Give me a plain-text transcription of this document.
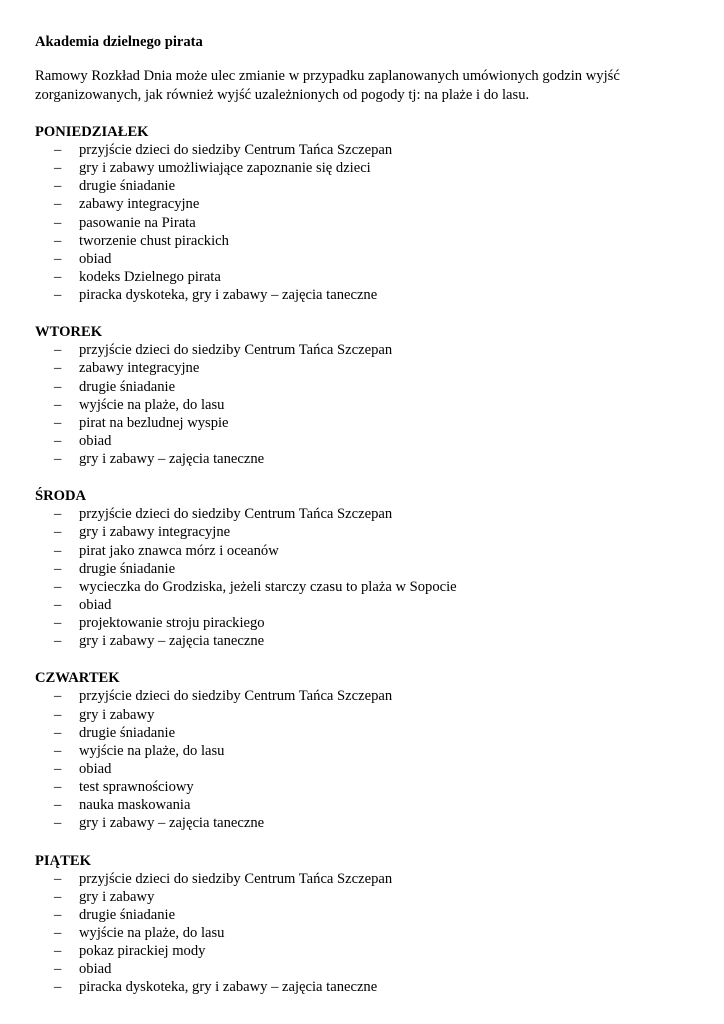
Akademia dzielnego pirata

Ramowy Rozkład Dnia może ulec zmianie w przypadku zaplanowanych umówionych godzin wyjść zorganizowanych, jak również wyjść uzależnionych od pogody tj: na plaże i do lasu.

PONIEDZIAŁEK

– przyjście dzieci do siedziby Centrum Tańca Szczepan
– gry i zabawy umożliwiające zapoznanie się dzieci
– drugie śniadanie
– zabawy integracyjne
– pasowanie na Pirata
– tworzenie chust pirackich
– obiad
– kodeks Dzielnego pirata
– piracka dyskoteka, gry i zabawy – zajęcia taneczne

WTOREK

– przyjście dzieci do siedziby Centrum Tańca Szczepan
– zabawy integracyjne
– drugie śniadanie
– wyjście na plaże, do lasu
– pirat na bezludnej wyspie
– obiad
– gry i zabawy – zajęcia taneczne

ŚRODA

– przyjście dzieci do siedziby Centrum Tańca Szczepan
– gry i zabawy integracyjne
– pirat jako znawca mórz i oceanów
– drugie śniadanie
– wycieczka do Grodziska, jeżeli starczy czasu to plaża w Sopocie
– obiad
– projektowanie stroju pirackiego
– gry i zabawy – zajęcia taneczne

CZWARTEK

– przyjście dzieci do siedziby Centrum Tańca Szczepan
– gry i zabawy
– drugie śniadanie
– wyjście na plaże, do lasu
– obiad
– test sprawnościowy
– nauka maskowania
– gry i zabawy – zajęcia taneczne

PIĄTEK

– przyjście dzieci do siedziby Centrum Tańca Szczepan
– gry i zabawy
– drugie śniadanie
– wyjście na plaże, do lasu
– pokaz pirackiej mody
– obiad
– piracka dyskoteka, gry i zabawy – zajęcia taneczne
